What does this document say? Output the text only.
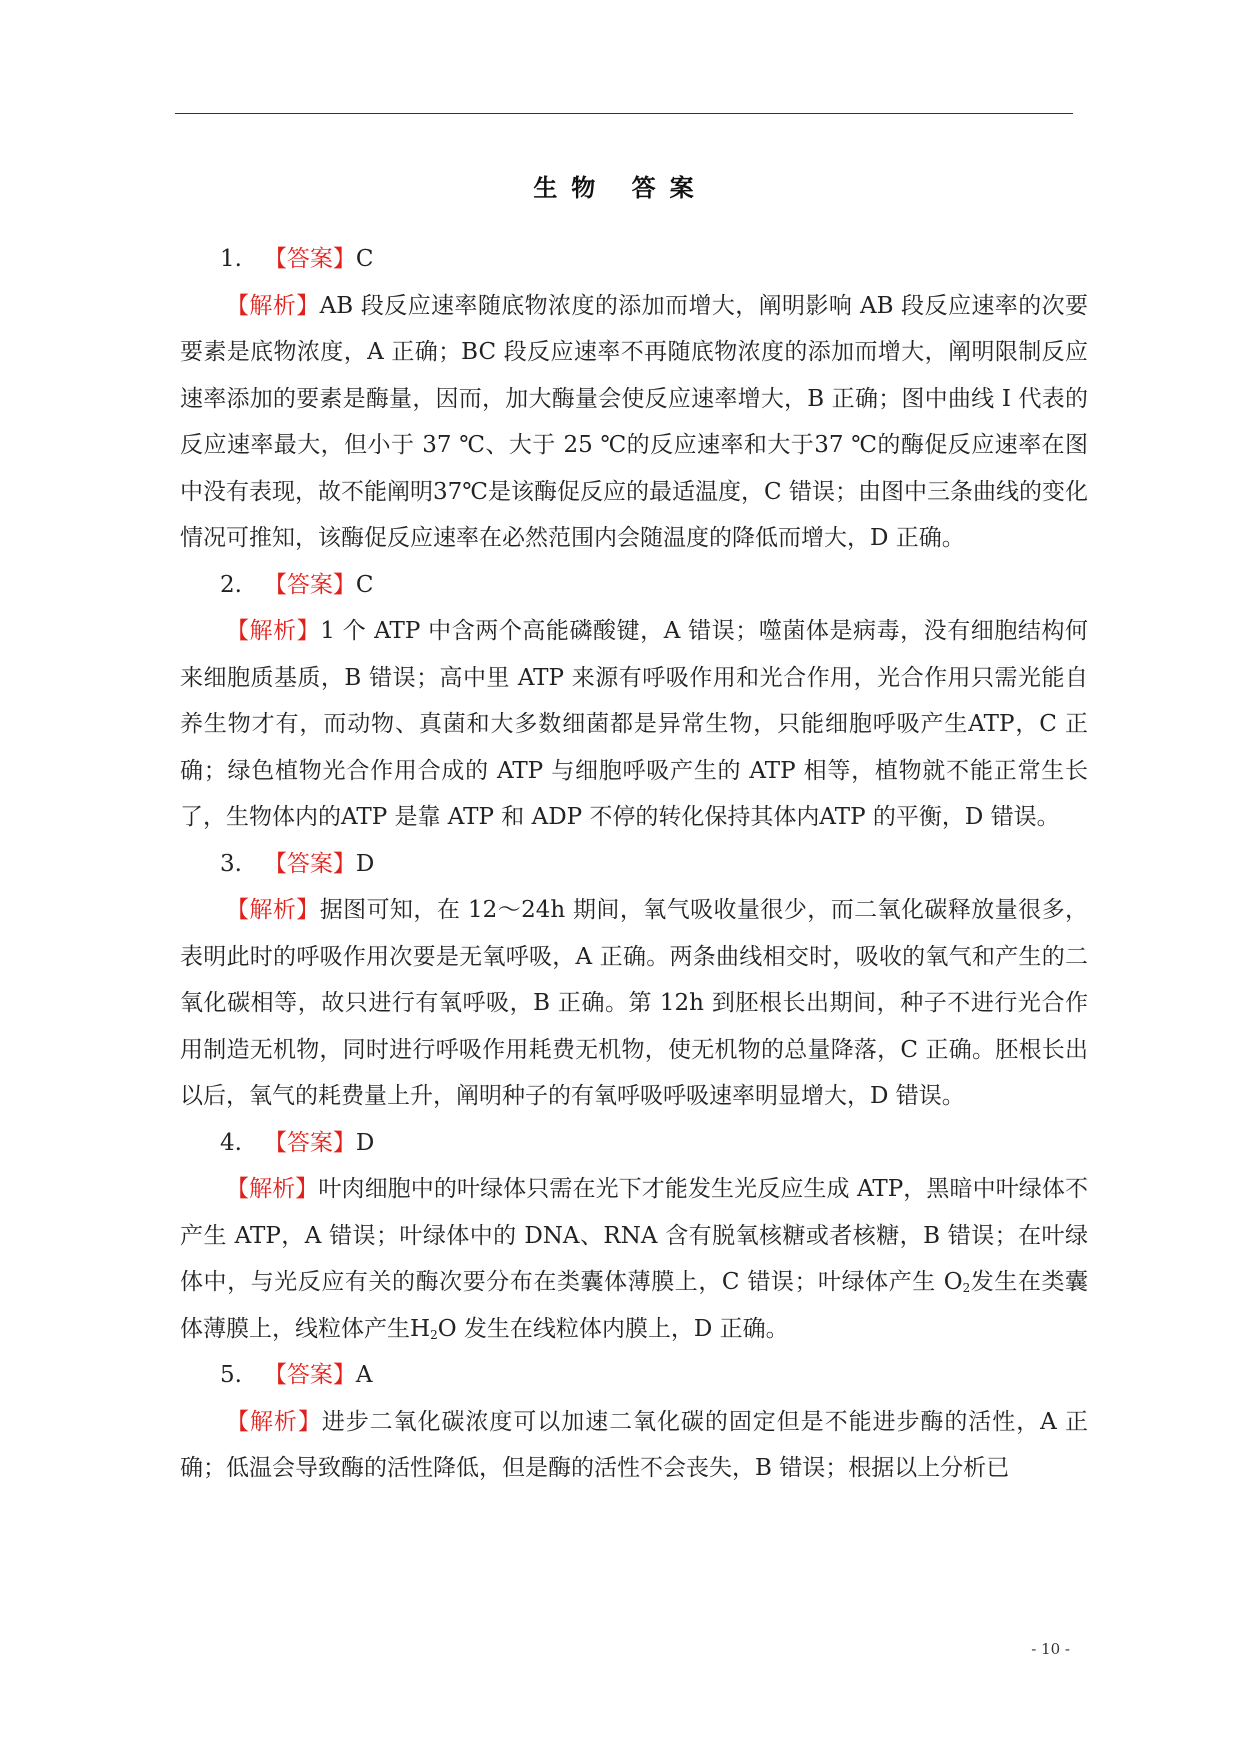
生物 答案

1. 【答案】C

【解析】AB 段反应速率随底物浓度的添加而增大，阐明影响 AB 段反应速率的次要要素是底物浓度，A 正确；BC 段反应速率不再随底物浓度的添加而增大，阐明限制反应速率添加的要素是酶量，因而，加大酶量会使反应速率增大，B 正确；图中曲线 I 代表的反应速率最大，但小于 37 ℃、大于 25 ℃的反应速率和大于37 ℃的酶促反应速率在图中没有表现，故不能阐明37℃是该酶促反应的最适温度，C 错误；由图中三条曲线的变化情况可推知，该酶促反应速率在必然范围内会随温度的降低而增大，D 正确。

2. 【答案】C

【解析】1 个 ATP 中含两个高能磷酸键，A 错误；噬菌体是病毒，没有细胞结构何来细胞质基质，B 错误；高中里 ATP 来源有呼吸作用和光合作用，光合作用只需光能自养生物才有，而动物、真菌和大多数细菌都是异常生物，只能细胞呼吸产生ATP，C 正确；绿色植物光合作用合成的 ATP 与细胞呼吸产生的 ATP 相等，植物就不能正常生长了，生物体内的ATP 是靠 ATP 和 ADP 不停的转化保持其体内ATP 的平衡，D 错误。

3. 【答案】D

【解析】据图可知，在 12～24h 期间，氧气吸收量很少，而二氧化碳释放量很多，表明此时的呼吸作用次要是无氧呼吸，A 正确。两条曲线相交时，吸收的氧气和产生的二氧化碳相等，故只进行有氧呼吸，B 正确。第 12h 到胚根长出期间，种子不进行光合作用制造无机物，同时进行呼吸作用耗费无机物，使无机物的总量降落，C 正确。胚根长出以后，氧气的耗费量上升，阐明种子的有氧呼吸呼吸速率明显增大，D 错误。

4. 【答案】D

【解析】叶肉细胞中的叶绿体只需在光下才能发生光反应生成 ATP，黑暗中叶绿体不产生 ATP，A 错误；叶绿体中的 DNA、RNA 含有脱氧核糖或者核糖，B 错误；在叶绿体中，与光反应有关的酶次要分布在类囊体薄膜上，C 错误；叶绿体产生 $O_2$发生在类囊体薄膜上，线粒体产生$H_2O$ 发生在线粒体内膜上，D 正确。

5. 【答案】A

【解析】进步二氧化碳浓度可以加速二氧化碳的固定但是不能进步酶的活性，A 正确；低温会导致酶的活性降低，但是酶的活性不会丧失，B 错误；根据以上分析已

- 10 -
